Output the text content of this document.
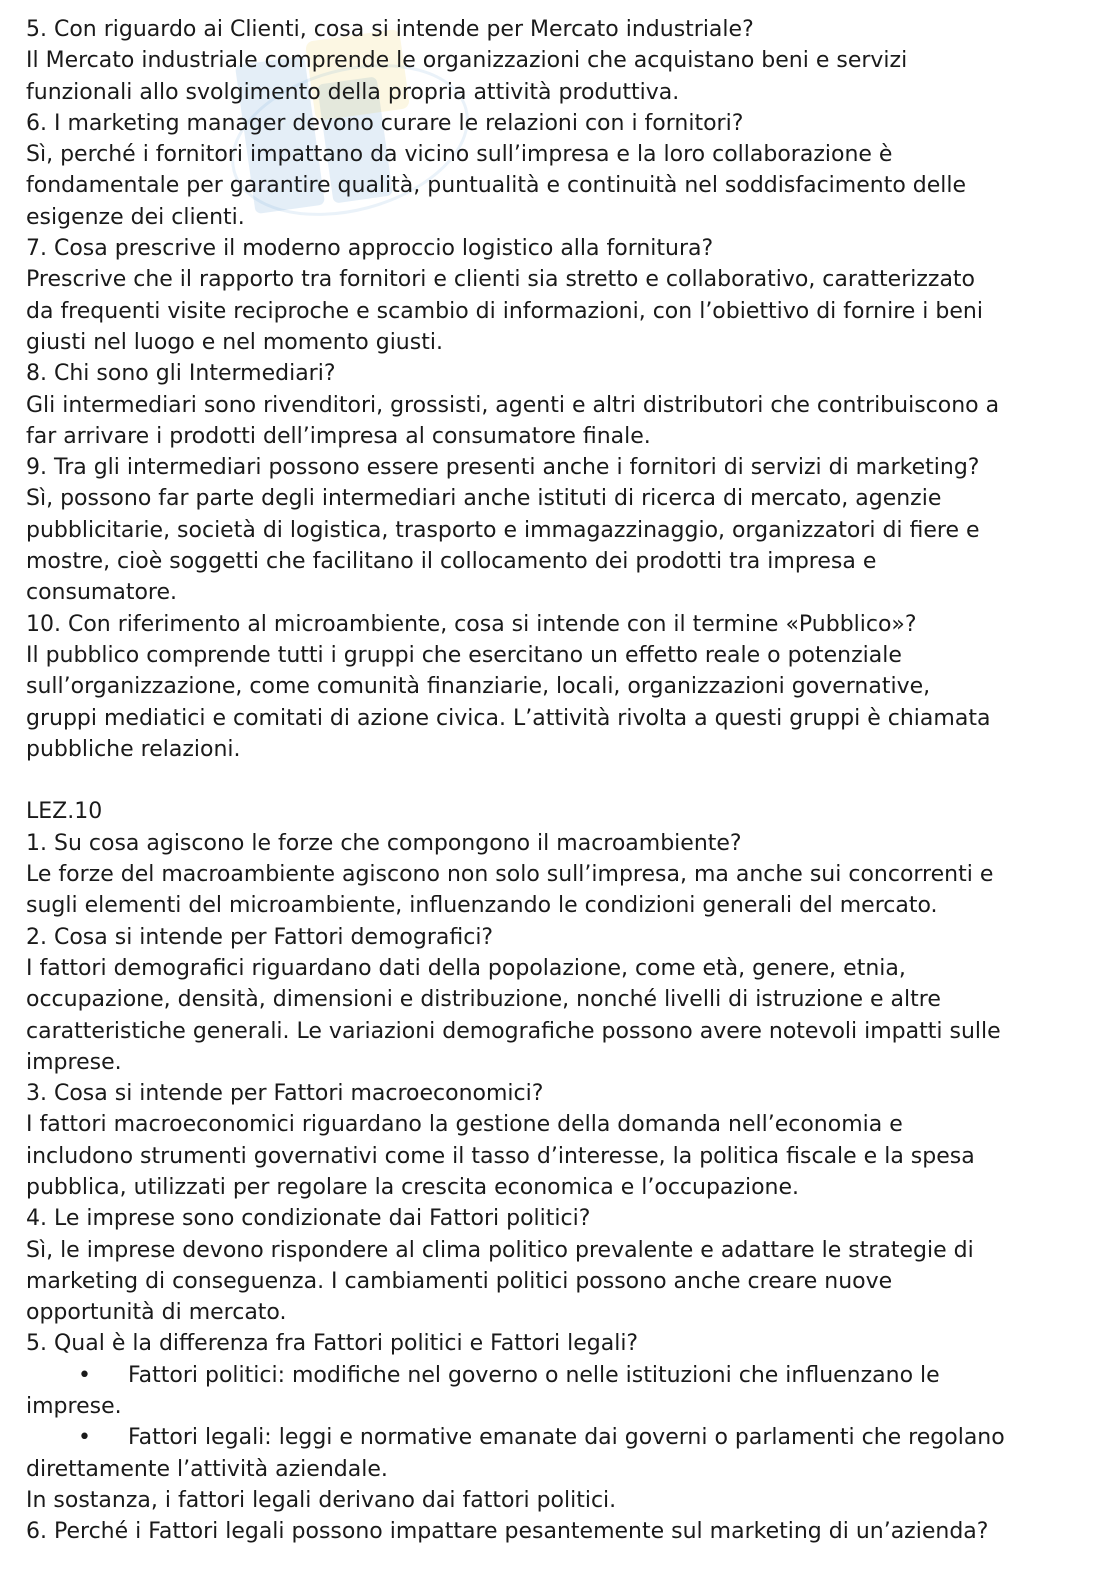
5. Con riguardo ai Clienti, cosa si intende per Mercato industriale?
Il Mercato industriale comprende le organizzazioni che acquistano beni e servizi
funzionali allo svolgimento della propria attività produttiva.
6. I marketing manager devono curare le relazioni con i fornitori?
Sì, perché i fornitori impattano da vicino sull’impresa e la loro collaborazione è
fondamentale per garantire qualità, puntualità e continuità nel soddisfacimento delle
esigenze dei clienti.
7. Cosa prescrive il moderno approccio logistico alla fornitura?
Prescrive che il rapporto tra fornitori e clienti sia stretto e collaborativo, caratterizzato
da frequenti visite reciproche e scambio di informazioni, con l’obiettivo di fornire i beni
giusti nel luogo e nel momento giusti.
8. Chi sono gli Intermediari?
Gli intermediari sono rivenditori, grossisti, agenti e altri distributori che contribuiscono a
far arrivare i prodotti dell’impresa al consumatore finale.
9. Tra gli intermediari possono essere presenti anche i fornitori di servizi di marketing?
Sì, possono far parte degli intermediari anche istituti di ricerca di mercato, agenzie
pubblicitarie, società di logistica, trasporto e immagazzinaggio, organizzatori di fiere e
mostre, cioè soggetti che facilitano il collocamento dei prodotti tra impresa e
consumatore.
10. Con riferimento al microambiente, cosa si intende con il termine «Pubblico»?
Il pubblico comprende tutti i gruppi che esercitano un effetto reale o potenziale
sull’organizzazione, come comunità finanziarie, locali, organizzazioni governative,
gruppi mediatici e comitati di azione civica. L’attività rivolta a questi gruppi è chiamata
pubbliche relazioni.
LEZ.10
1. Su cosa agiscono le forze che compongono il macroambiente?
Le forze del macroambiente agiscono non solo sull’impresa, ma anche sui concorrenti e
sugli elementi del microambiente, influenzando le condizioni generali del mercato.
2. Cosa si intende per Fattori demografici?
I fattori demografici riguardano dati della popolazione, come età, genere, etnia,
occupazione, densità, dimensioni e distribuzione, nonché livelli di istruzione e altre
caratteristiche generali. Le variazioni demografiche possono avere notevoli impatti sulle
imprese.
3. Cosa si intende per Fattori macroeconomici?
I fattori macroeconomici riguardano la gestione della domanda nell’economia e
includono strumenti governativi come il tasso d’interesse, la politica fiscale e la spesa
pubblica, utilizzati per regolare la crescita economica e l’occupazione.
4. Le imprese sono condizionate dai Fattori politici?
Sì, le imprese devono rispondere al clima politico prevalente e adattare le strategie di
marketing di conseguenza. I cambiamenti politici possono anche creare nuove
opportunità di mercato.
5. Qual è la differenza fra Fattori politici e Fattori legali?
• Fattori politici: modifiche nel governo o nelle istituzioni che influenzano le
imprese.
• Fattori legali: leggi e normative emanate dai governi o parlamenti che regolano
direttamente l’attività aziendale.
In sostanza, i fattori legali derivano dai fattori politici.
6. Perché i Fattori legali possono impattare pesantemente sul marketing di un’azienda?
